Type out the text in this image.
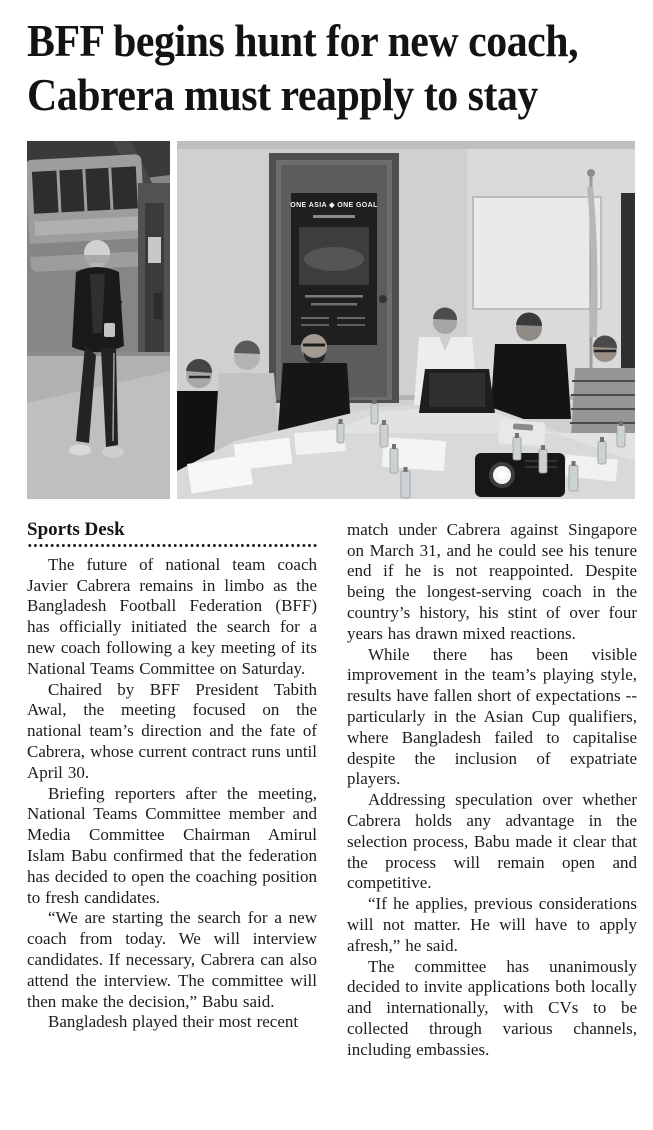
BFF begins hunt for new coach,
Cabrera must reapply to stay
ONE ASIA ◆ ONE GOAL

Sports Desk

The future of national team coach Javier Cabrera remains in limbo as the Bangladesh Football Federation (BFF) has officially initiated the search for a new coach following a key meeting of its National Teams Committee on Saturday.

Chaired by BFF President Tabith Awal, the meeting focused on the national team’s direction and the fate of Cabrera, whose current contract runs until April 30.

Briefing reporters after the meeting, National Teams Committee member and Media Committee Chairman Amirul Islam Babu confirmed that the federation has decided to open the coaching position to fresh candidates.

“We are starting the search for a new coach from today. We will interview candidates. If necessary, Cabrera can also attend the interview. The committee will then make the decision,” Babu said.

Bangladesh played their most recent

match under Cabrera against Singapore on March 31, and he could see his tenure end if he is not reappointed. Despite being the longest-serving coach in the country’s history, his stint of over four years has drawn mixed reactions.

While there has been visible improvement in the team’s playing style, results have fallen short of expectations -- particularly in the Asian Cup qualifiers, where Bangladesh failed to capitalise despite the inclusion of expatriate players.

Addressing speculation over whether Cabrera holds any advantage in the selection process, Babu made it clear that the process will remain open and competitive.

“If he applies, previous considerations will not matter. He will have to apply afresh,” he said.

The committee has unanimously decided to invite applications both locally and internationally, with CVs to be collected through various channels, including embassies.
